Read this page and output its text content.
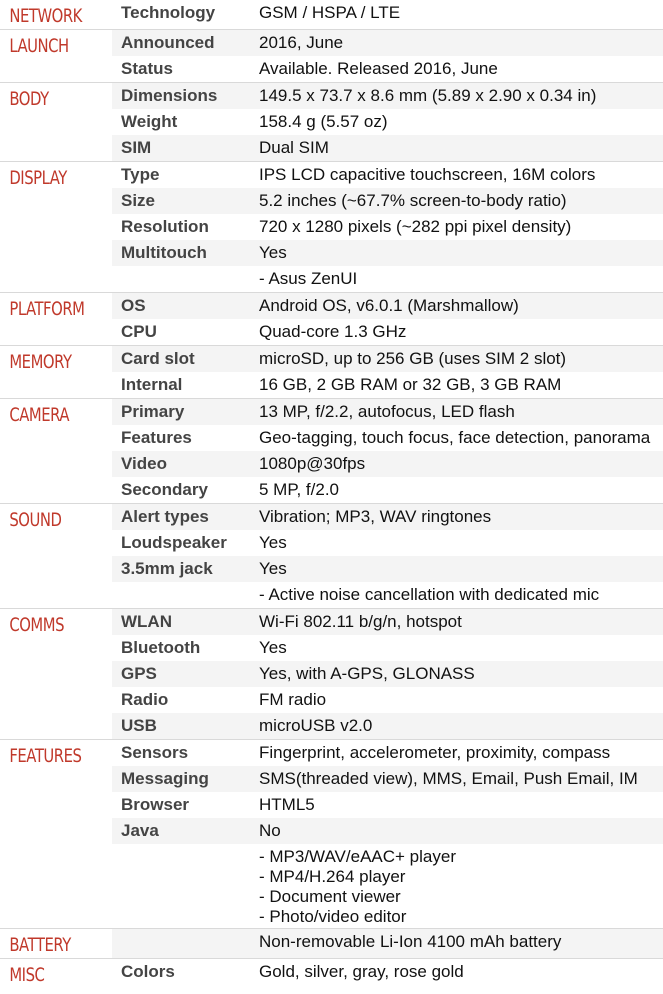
NETWORK	Technology	GSM / HSPA / LTE
LAUNCH	Announced	2016, June
	Status	Available. Released 2016, June
BODY	Dimensions	149.5 x 73.7 x 8.6 mm (5.89 x 2.90 x 0.34 in)
	Weight	158.4 g (5.57 oz)
	SIM	Dual SIM
DISPLAY	Type	IPS LCD capacitive touchscreen, 16M colors
	Size	5.2 inches (~67.7% screen-to-body ratio)
	Resolution	720 x 1280 pixels (~282 ppi pixel density)
	Multitouch	Yes
		- Asus ZenUI
PLATFORM	OS	Android OS, v6.0.1 (Marshmallow)
	CPU	Quad-core 1.3 GHz
MEMORY	Card slot	microSD, up to 256 GB (uses SIM 2 slot)
	Internal	16 GB, 2 GB RAM or 32 GB, 3 GB RAM
CAMERA	Primary	13 MP, f/2.2, autofocus, LED flash
	Features	Geo-tagging, touch focus, face detection, panorama
	Video	1080p@30fps
	Secondary	5 MP, f/2.0
SOUND	Alert types	Vibration; MP3, WAV ringtones
	Loudspeaker	Yes
	3.5mm jack	Yes
		- Active noise cancellation with dedicated mic
COMMS	WLAN	Wi-Fi 802.11 b/g/n, hotspot
	Bluetooth	Yes
	GPS	Yes, with A-GPS, GLONASS
	Radio	FM radio
	USB	microUSB v2.0
FEATURES	Sensors	Fingerprint, accelerometer, proximity, compass
	Messaging	SMS(threaded view), MMS, Email, Push Email, IM
	Browser	HTML5
	Java	No
		- MP3/WAV/eAAC+ player
- MP4/H.264 player
- Document viewer
- Photo/video editor
BATTERY		Non-removable Li-Ion 4100 mAh battery
MISC	Colors	Gold, silver, gray, rose gold
